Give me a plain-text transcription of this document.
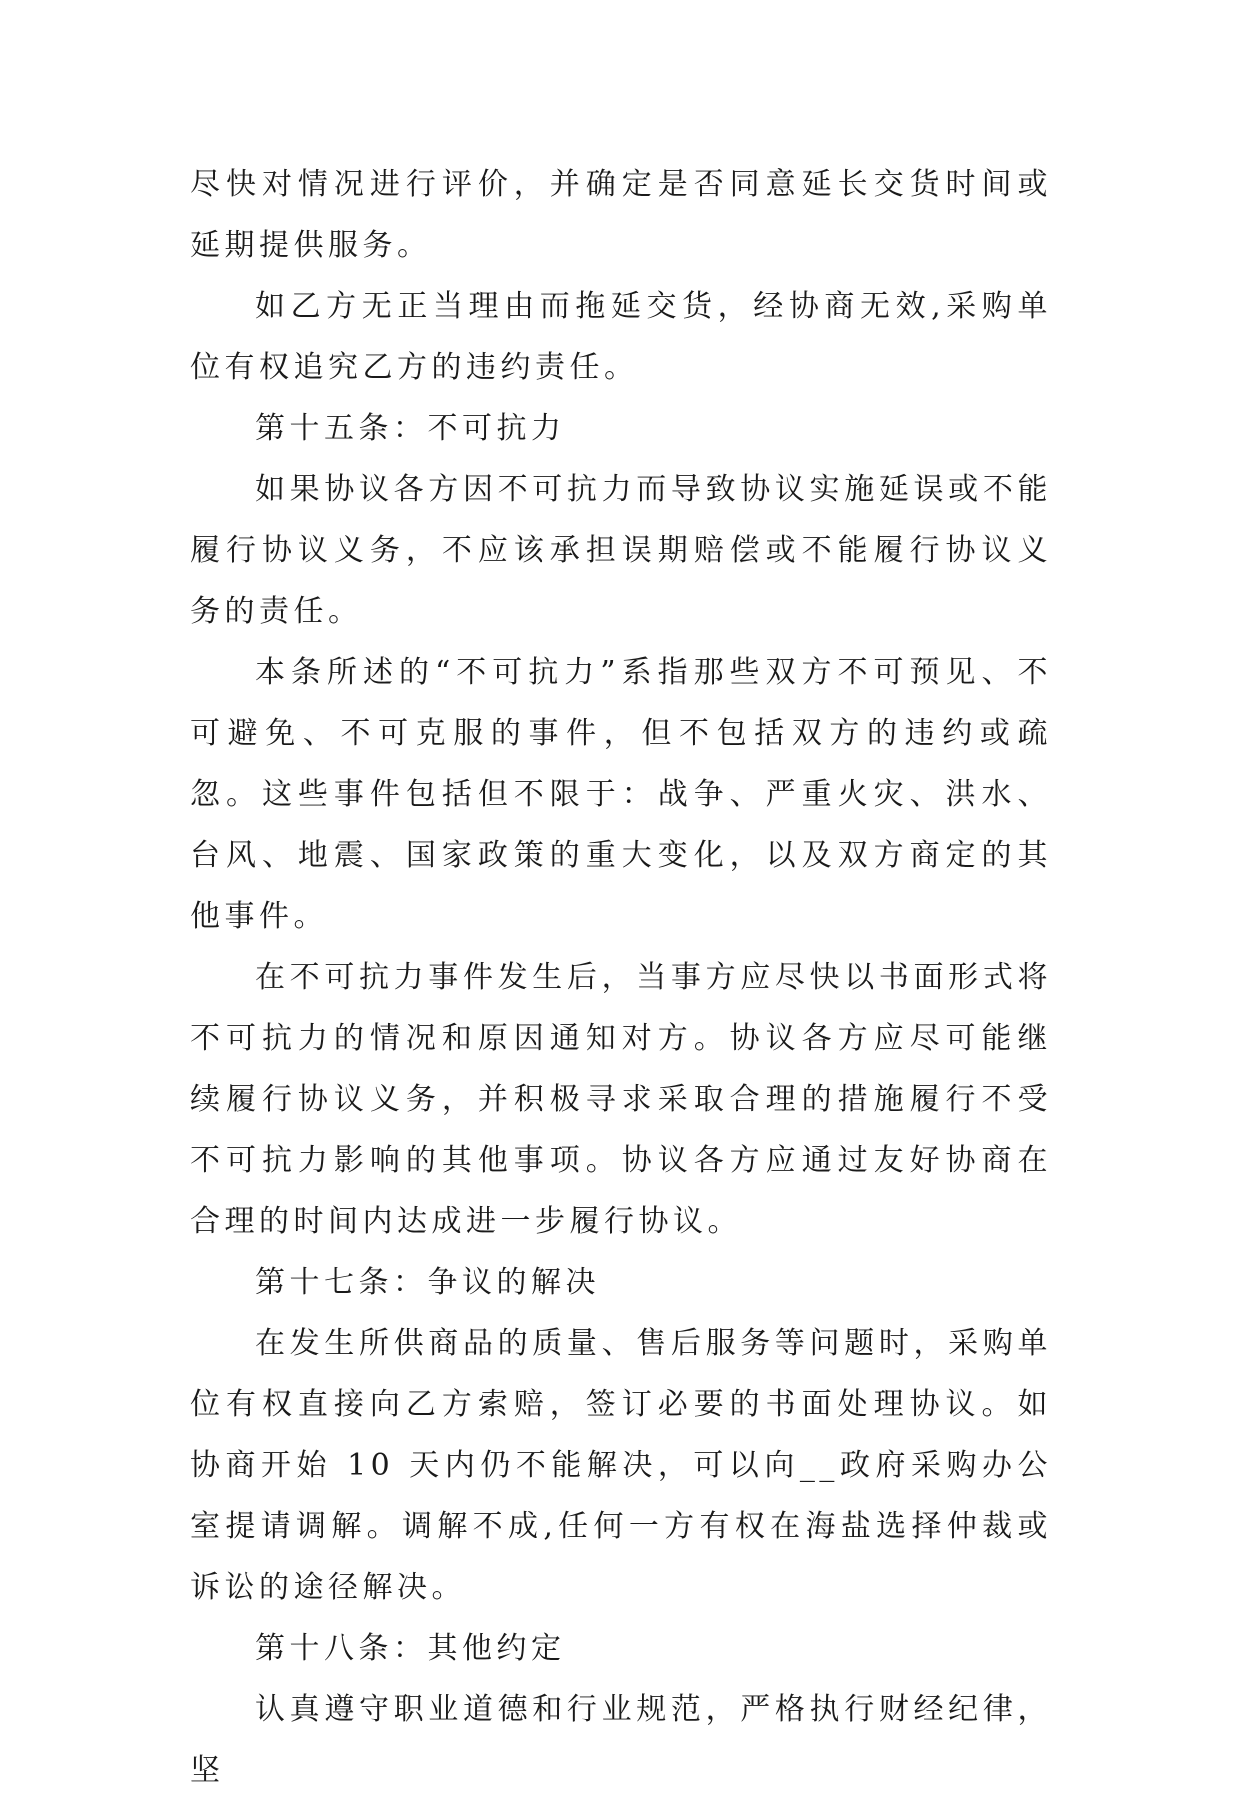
尽快对情况进行评价，并确定是否同意延长交货时间或延期提供服务。

如乙方无正当理由而拖延交货，经协商无效,采购单位有权追究乙方的违约责任。

第十五条：不可抗力

如果协议各方因不可抗力而导致协议实施延误或不能履行协议义务，不应该承担误期赔偿或不能履行协议义务的责任。

本条所述的“不可抗力”系指那些双方不可预见、不可避免、不可克服的事件，但不包括双方的违约或疏忽。这些事件包括但不限于：战争、严重火灾、洪水、台风、地震、国家政策的重大变化，以及双方商定的其他事件。

在不可抗力事件发生后，当事方应尽快以书面形式将不可抗力的情况和原因通知对方。协议各方应尽可能继续履行协议义务，并积极寻求采取合理的措施履行不受不可抗力影响的其他事项。协议各方应通过友好协商在合理的时间内达成进一步履行协议。

第十七条：争议的解决

在发生所供商品的质量、售后服务等问题时，采购单位有权直接向乙方索赔，签订必要的书面处理协议。如协商开始 10 天内仍不能解决，可以向__政府采购办公室提请调解。调解不成,任何一方有权在海盐选择仲裁或诉讼的途径解决。

第十八条：其他约定

认真遵守职业道德和行业规范，严格执行财经纪律，坚
